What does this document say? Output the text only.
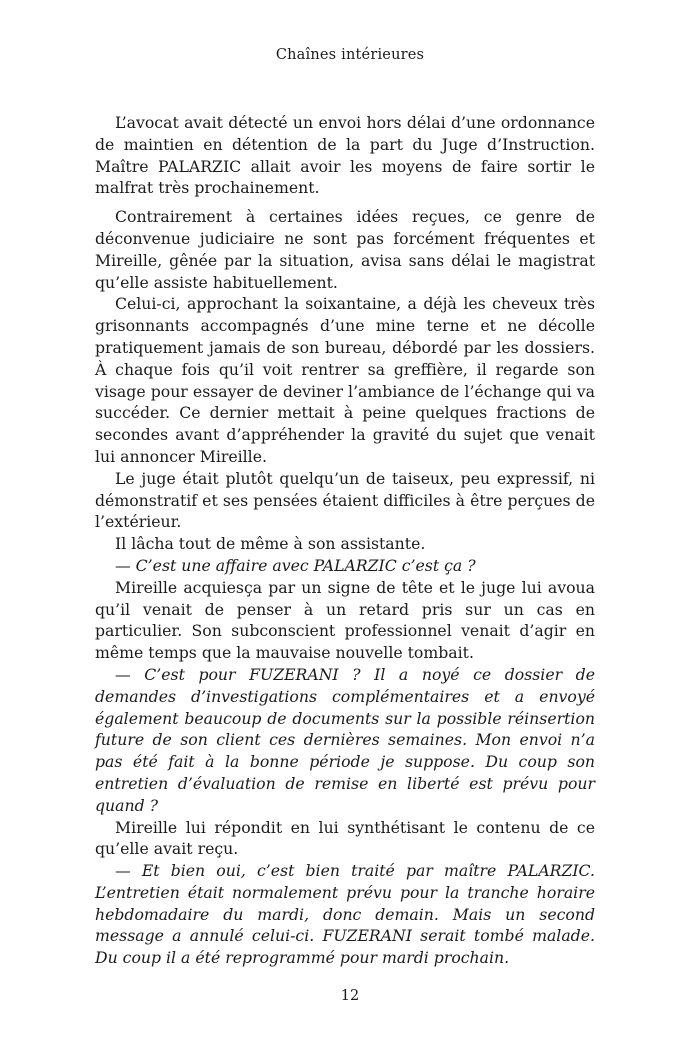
Chaînes intérieures

L’avocat avait détecté un envoi hors délai d’une ordonnance de maintien en détention de la part du Juge d’Instruction. Maître PALARZIC allait avoir les moyens de faire sortir le malfrat très prochainement.

Contrairement à certaines idées reçues, ce genre de déconvenue judiciaire ne sont pas forcément fréquentes et Mireille, gênée par la situation, avisa sans délai le magistrat qu’elle assiste habituellement.

Celui-ci, approchant la soixantaine, a déjà les cheveux très grisonnants accompagnés d’une mine terne et ne décolle pratiquement jamais de son bureau, débordé par les dossiers. À chaque fois qu’il voit rentrer sa greffière, il regarde son visage pour essayer de deviner l’ambiance de l’échange qui va succéder. Ce dernier mettait à peine quelques fractions de secondes avant d’appréhender la gravité du sujet que venait lui annoncer Mireille.

Le juge était plutôt quelqu’un de taiseux, peu expressif, ni démonstratif et ses pensées étaient difficiles à être perçues de l’extérieur.

Il lâcha tout de même à son assistante.

— C’est une affaire avec PALARZIC c’est ça ?

Mireille acquiesça par un signe de tête et le juge lui avoua qu’il venait de penser à un retard pris sur un cas en particulier. Son subconscient professionnel venait d’agir en même temps que la mauvaise nouvelle tombait.

— C’est pour FUZERANI ? Il a noyé ce dossier de demandes d’investigations complémentaires et a envoyé également beaucoup de documents sur la possible réinsertion future de son client ces dernières semaines. Mon envoi n’a pas été fait à la bonne période je suppose. Du coup son entretien d’évaluation de remise en liberté est prévu pour quand ?

Mireille lui répondit en lui synthétisant le contenu de ce qu’elle avait reçu.

— Et bien oui, c’est bien traité par maître PALARZIC. L’entretien était normalement prévu pour la tranche horaire hebdomadaire du mardi, donc demain. Mais un second message a annulé celui-ci. FUZERANI serait tombé malade. Du coup il a été reprogrammé pour mardi prochain.

12
